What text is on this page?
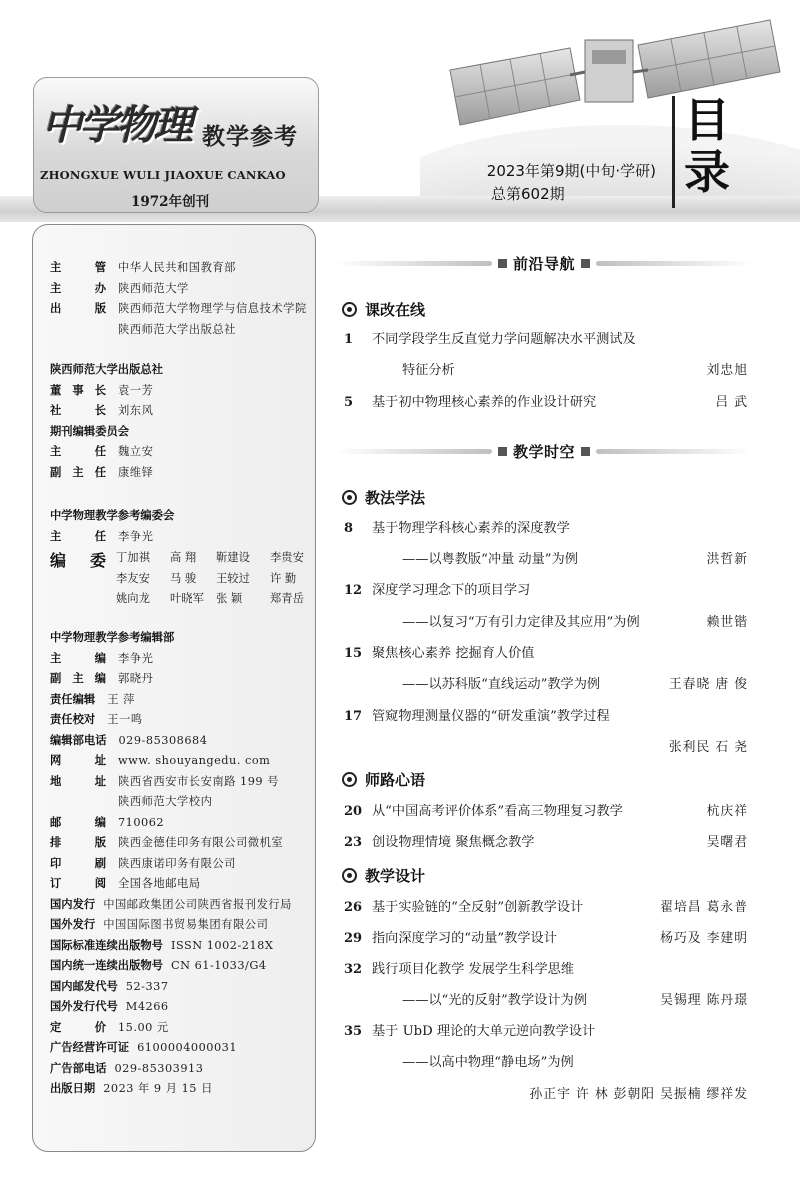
中学物理 教学参考
ZHONGXUE WULI JIAOXUE CANKAO
1972年创刊
2023年第9期(中旬·学研)
总第602期
目录
主	管 中华人民共和国教育部
主	办 陕西师范大学
出	版 陕西师范大学物理学与信息技术学院
陕西师范大学出版总社
陕西师范大学出版总社
董 事 长 袁一芳
社	长 刘东风
期刊编辑委员会
主	任 魏立安
副 主 任 康维铎
中学物理教学参考编委会
主	任 李争光
编 委 丁加祺	高 翔	靳建设	李贵安
李友安	马 骏	王较过	许 勤
姚向龙	叶晓军	张 颖	郑青岳
中学物理教学参考编辑部
主	编 李争光
副 主 编 郭晓丹
责任编辑 王 萍
责任校对 王一鸣
编辑部电话 029-85308684
网	址 www. shouyangedu. com
地	址 陕西省西安市长安南路 199 号
陕西师范大学校内
邮	编 710062
排	版 陕西金德佳印务有限公司微机室
印	刷 陕西康诺印务有限公司
订	阅 全国各地邮电局
国内发行 中国邮政集团公司陕西省报刊发行局
国外发行 中国国际图书贸易集团有限公司
国际标准连续出版物号 ISSN 1002-218X
国内统一连续出版物号 CN 61-1033/G4
国内邮发代号 52-337
国外发行代号 M4266
定	价 15.00 元
广告经营许可证 6100004000031
广告部电话 029-85303913
出版日期 2023 年 9 月 15 日
前沿导航
课改在线
1 不同学段学生反直觉力学问题解决水平测试及
特征分析	刘忠旭
5 基于初中物理核心素养的作业设计研究	吕 武
教学时空
教法学法
8 基于物理学科核心素养的深度教学
——以粤教版“冲量 动量”为例	洪哲新
12 深度学习理念下的项目学习
——以复习“万有引力定律及其应用”为例	赖世锴
15 聚焦核心素养 挖掘育人价值
——以苏科版“直线运动”教学为例	王春晓 唐 俊
17 管窥物理测量仪器的“研发重演”教学过程
张利民 石 尧
师路心语
20 从“中国高考评价体系”看高三物理复习教学	杭庆祥
23 创设物理情境 聚焦概念教学	吴曙君
教学设计
26 基于实验链的“全反射”创新教学设计	翟培昌 葛永普
29 指向深度学习的“动量”教学设计	杨巧及 李建明
32 践行项目化教学 发展学生科学思维
——以“光的反射”教学设计为例	吴锡理 陈丹璟
35 基于 UbD 理论的大单元逆向教学设计
——以高中物理“静电场”为例
孙正宇 许 林 彭朝阳 吴振楠 缪祥发
